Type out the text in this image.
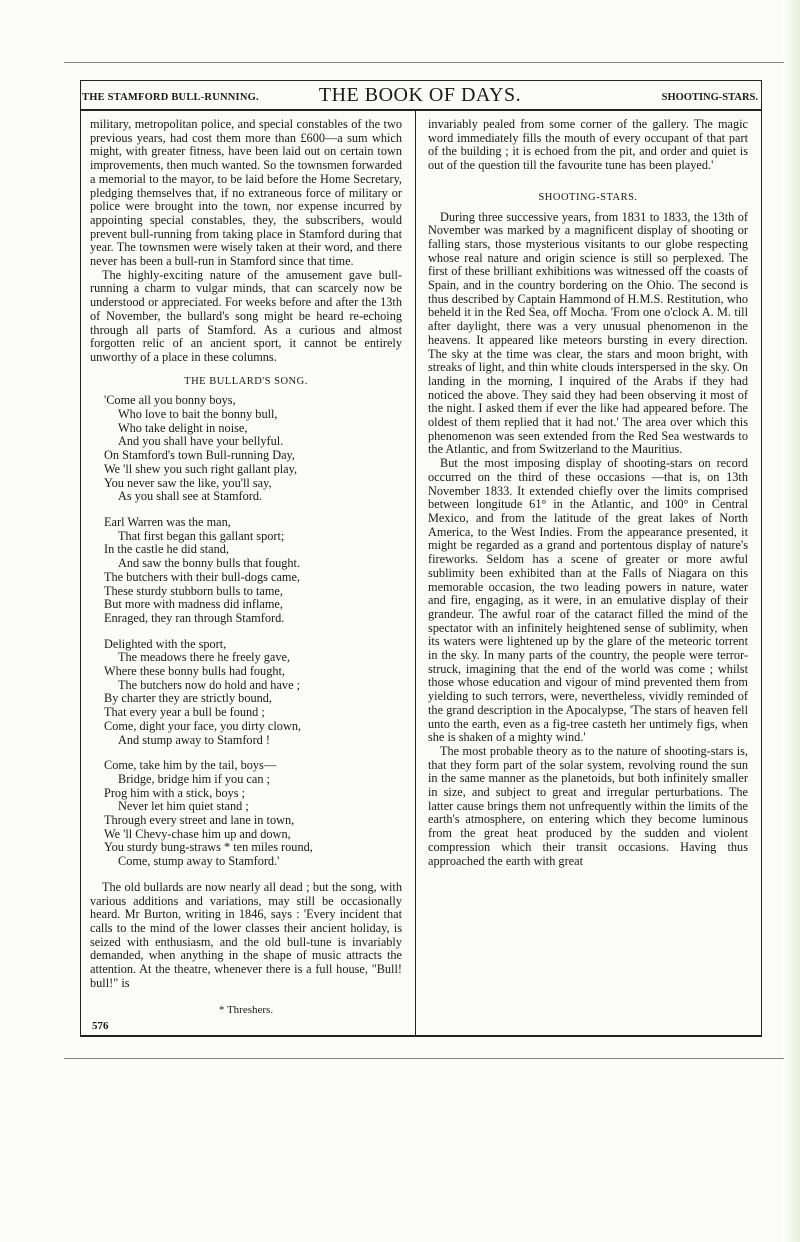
THE STAMFORD BULL-RUNNING.	THE BOOK OF DAYS.	SHOOTING-STARS.

military, metropolitan police, and special constables of the two previous years, had cost them more than £600—a sum which might, with greater fitness, have been laid out on certain town improvements, then much wanted. So the townsmen forwarded a memorial to the mayor, to be laid before the Home Secretary, pledging themselves that, if no extraneous force of military or police were brought into the town, nor expense incurred by appointing special constables, they, the subscribers, would prevent bull-running from taking place in Stamford during that year. The townsmen were wisely taken at their word, and there never has been a bull-run in Stamford since that time.

The highly-exciting nature of the amusement gave bull-running a charm to vulgar minds, that can scarcely now be understood or appreciated. For weeks before and after the 13th of November, the bullard's song might be heard re-echoing through all parts of Stamford. As a curious and almost forgotten relic of an ancient sport, it cannot be entirely unworthy of a place in these columns.

THE BULLARD'S SONG.

'Come all you bonny boys,
Who love to bait the bonny bull,
Who take delight in noise,
And you shall have your bellyful.
On Stamford's town Bull-running Day,
We 'll shew you such right gallant play,
You never saw the like, you'll say,
As you shall see at Stamford.
Earl Warren was the man,
That first began this gallant sport;
In the castle he did stand,
And saw the bonny bulls that fought.
The butchers with their bull-dogs came,
These sturdy stubborn bulls to tame,
But more with madness did inflame,
Enraged, they ran through Stamford.
Delighted with the sport,
The meadows there he freely gave,
Where these bonny bulls had fought,
The butchers now do hold and have ;
By charter they are strictly bound,
That every year a bull be found ;
Come, dight your face, you dirty clown,
And stump away to Stamford !
Come, take him by the tail, boys—
Bridge, bridge him if you can ;
Prog him with a stick, boys ;
Never let him quiet stand ;
Through every street and lane in town,
We 'll Chevy-chase him up and down,
You sturdy bung-straws * ten miles round,
Come, stump away to Stamford.'

The old bullards are now nearly all dead ; but the song, with various additions and variations, may still be occasionally heard. Mr Burton, writing in 1846, says : 'Every incident that calls to the mind of the lower classes their ancient holiday, is seized with enthusiasm, and the old bull-tune is invariably demanded, when anything in the shape of music attracts the attention. At the theatre, whenever there is a full house, "Bull! bull!" is

* Threshers.
576

invariably pealed from some corner of the gallery. The magic word immediately fills the mouth of every occupant of that part of the building ; it is echoed from the pit, and order and quiet is out of the question till the favourite tune has been played.'

SHOOTING-STARS.

During three successive years, from 1831 to 1833, the 13th of November was marked by a magnificent display of shooting or falling stars, those mysterious visitants to our globe respecting whose real nature and origin science is still so perplexed. The first of these brilliant exhibitions was witnessed off the coasts of Spain, and in the country bordering on the Ohio. The second is thus described by Captain Hammond of H.M.S. Restitution, who beheld it in the Red Sea, off Mocha. 'From one o'clock A. M. till after daylight, there was a very unusual phenomenon in the heavens. It appeared like meteors bursting in every direction. The sky at the time was clear, the stars and moon bright, with streaks of light, and thin white clouds interspersed in the sky. On landing in the morning, I inquired of the Arabs if they had noticed the above. They said they had been observing it most of the night. I asked them if ever the like had appeared before. The oldest of them replied that it had not.' The area over which this phenomenon was seen extended from the Red Sea westwards to the Atlantic, and from Switzerland to the Mauritius.

But the most imposing display of shooting-stars on record occurred on the third of these occasions —that is, on 13th November 1833. It extended chiefly over the limits comprised between longitude 61° in the Atlantic, and 100° in Central Mexico, and from the latitude of the great lakes of North America, to the West Indies. From the appearance presented, it might be regarded as a grand and portentous display of nature's fireworks. Seldom has a scene of greater or more awful sublimity been exhibited than at the Falls of Niagara on this memorable occasion, the two leading powers in nature, water and fire, engaging, as it were, in an emulative display of their grandeur. The awful roar of the cataract filled the mind of the spectator with an infinitely heightened sense of sublimity, when its waters were lightened up by the glare of the meteoric torrent in the sky. In many parts of the country, the people were terror-struck, imagining that the end of the world was come ; whilst those whose education and vigour of mind prevented them from yielding to such terrors, were, nevertheless, vividly reminded of the grand description in the Apocalypse, 'The stars of heaven fell unto the earth, even as a fig-tree casteth her untimely figs, when she is shaken of a mighty wind.'

The most probable theory as to the nature of shooting-stars is, that they form part of the solar system, revolving round the sun in the same manner as the planetoids, but both infinitely smaller in size, and subject to great and irregular perturbations. The latter cause brings them not unfrequently within the limits of the earth's atmosphere, on entering which they become luminous from the great heat produced by the sudden and violent compression which their transit occasions. Having thus approached the earth with great
